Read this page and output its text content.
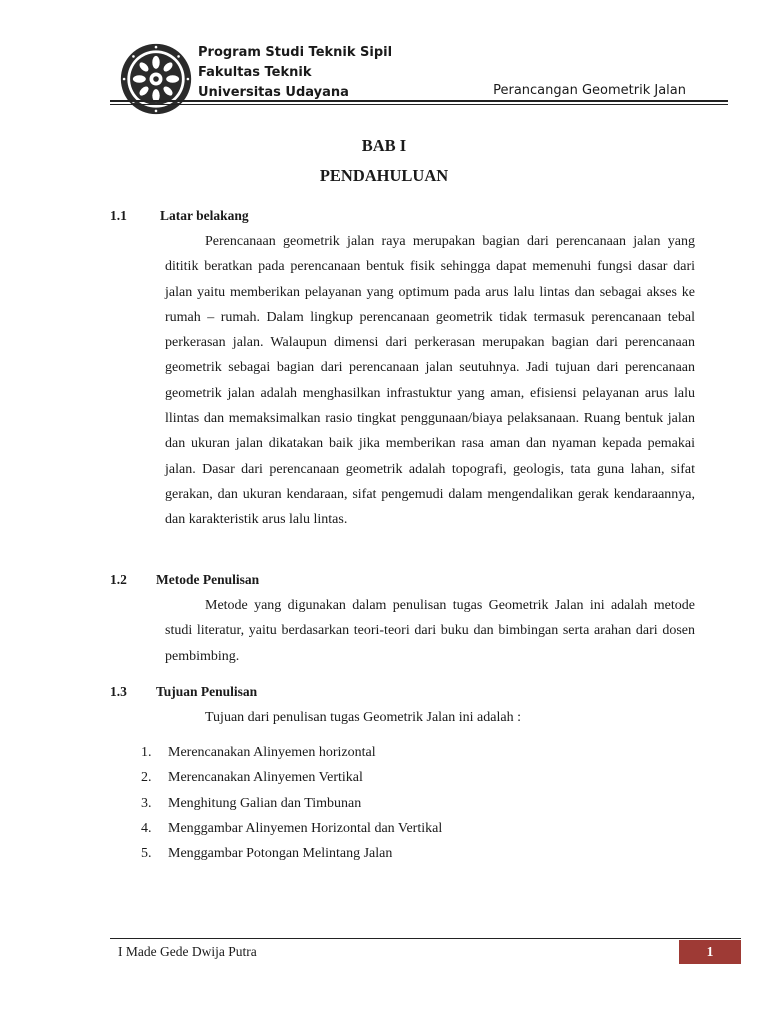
Program Studi Teknik Sipil
Fakultas Teknik
Universitas Udayana	Perancangan Geometrik Jalan
BAB I
PENDAHULUAN
1.1 Latar belakang
Perencanaan geometrik jalan raya merupakan bagian dari perencanaan jalan yang dititik beratkan pada perencanaan bentuk fisik sehingga dapat memenuhi fungsi dasar dari jalan yaitu memberikan pelayanan yang optimum pada arus lalu lintas dan sebagai akses ke rumah – rumah. Dalam lingkup perencanaan geometrik tidak termasuk perencanaan tebal perkerasan jalan. Walaupun dimensi dari perkerasan merupakan bagian dari perencanaan geometrik sebagai bagian dari perencanaan jalan seutuhnya. Jadi tujuan dari perencanaan geometrik jalan adalah menghasilkan infrastuktur yang aman, efisiensi pelayanan arus lalu llintas dan memaksimalkan rasio tingkat penggunaan/biaya pelaksanaan. Ruang bentuk jalan dan ukuran jalan dikatakan baik jika memberikan rasa aman dan nyaman kepada pemakai jalan. Dasar dari perencanaan geometrik adalah topografi, geologis, tata guna lahan, sifat gerakan, dan ukuran kendaraan, sifat pengemudi dalam mengendalikan gerak kendaraannya, dan karakteristik arus lalu lintas.
1.2 Metode Penulisan
Metode yang digunakan dalam penulisan tugas Geometrik Jalan ini adalah metode studi literatur, yaitu berdasarkan teori-teori dari buku dan bimbingan serta arahan dari dosen pembimbing.
1.3 Tujuan Penulisan
Tujuan dari penulisan tugas Geometrik Jalan ini adalah :
1. Merencanakan Alinyemen horizontal
2. Merencanakan Alinyemen Vertikal
3. Menghitung Galian dan Timbunan
4. Menggambar Alinyemen Horizontal dan Vertikal
5. Menggambar Potongan Melintang Jalan
I Made Gede Dwija Putra	1
